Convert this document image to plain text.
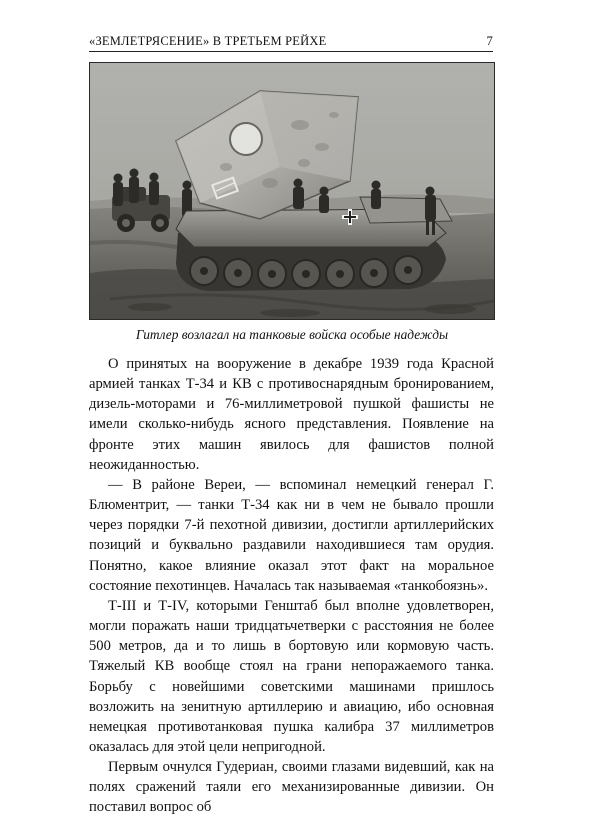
«ЗЕМЛЕТРЯСЕНИЕ» В ТРЕТЬЕМ РЕЙХЕ	7
Гитлер возлагал на танковые войска особые надежды

О принятых на вооружение в декабре 1939 года Красной армией танках Т-34 и КВ с противоснарядным бронированием, дизель-моторами и 76-миллиметровой пушкой фашисты не имели сколько-нибудь ясного представления. Появление на фронте этих машин явилось для фашистов полной неожиданностью.

— В районе Вереи, — вспоминал немецкий генерал Г. Блюментрит, — танки Т-34 как ни в чем не бывало прошли через порядки 7-й пехотной дивизии, достигли артиллерийских позиций и буквально раздавили находившиеся там орудия. Понятно, какое влияние оказал этот факт на моральное состояние пехотинцев. Началась так называемая «танкобоязнь».

Т-III и Т-IV, которыми Генштаб был вполне удовлетворен, могли поражать наши тридцатьчетверки с расстояния не более 500 метров, да и то лишь в бортовую или кормовую часть. Тяжелый КВ вообще стоял на грани непоражаемого танка. Борьбу с новейшими советскими машинами пришлось возложить на зенитную артиллерию и авиацию, ибо основная немецкая противотанковая пушка калибра 37 миллиметров оказалась для этой цели непригодной.

Первым очнулся Гудериан, своими глазами видевший, как на полях сражений таяли его механизированные дивизии. Он поставил вопрос об
